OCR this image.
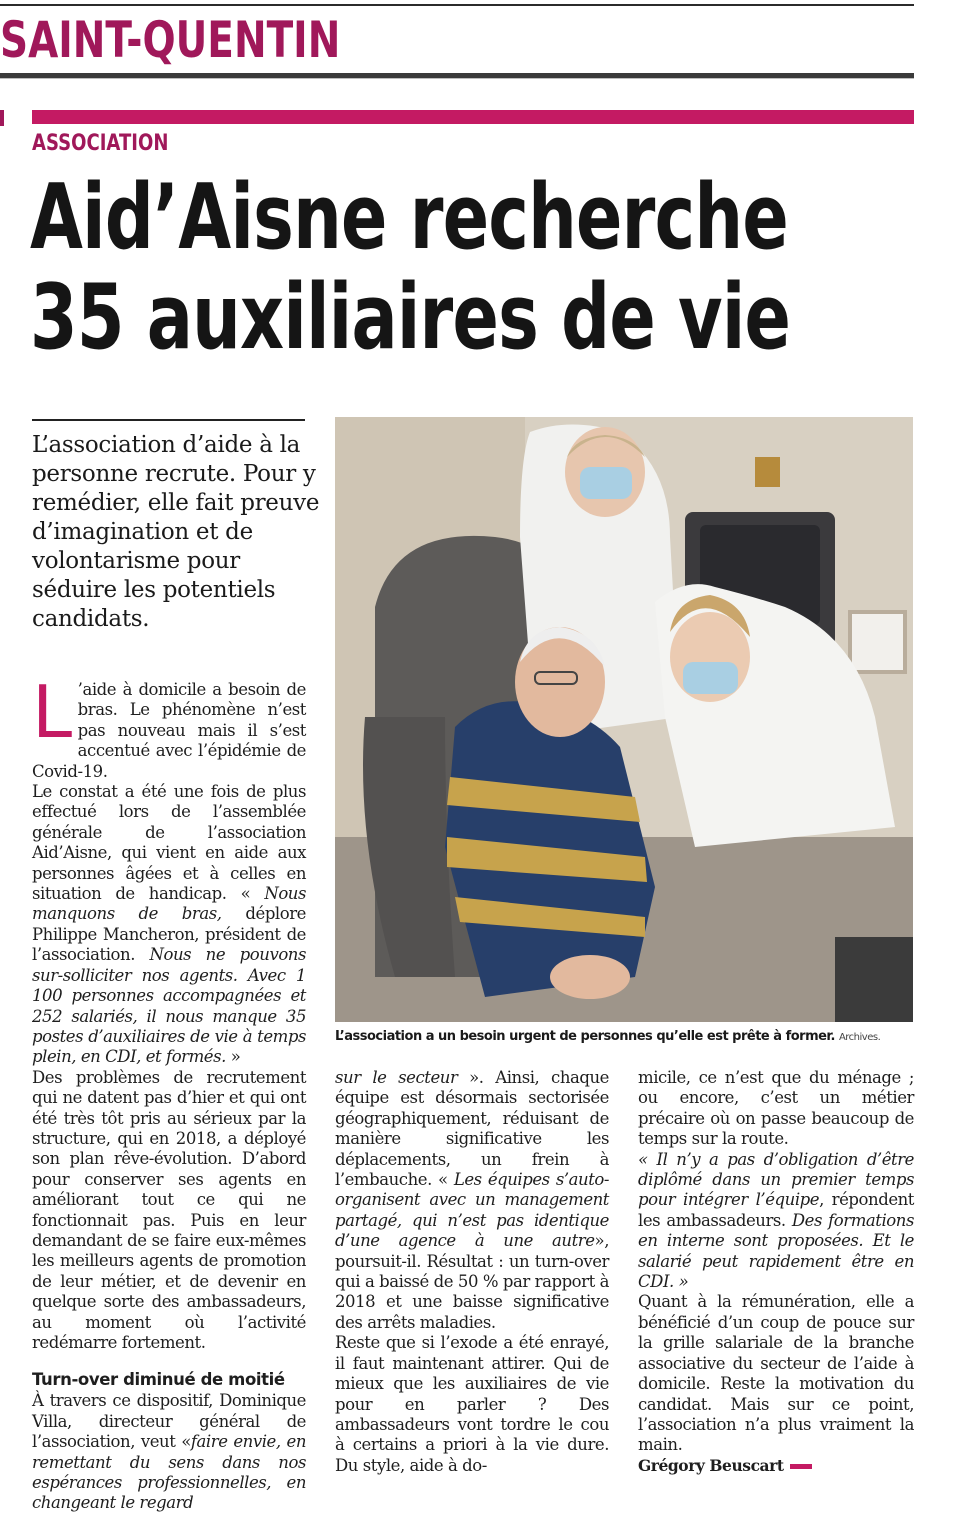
SAINT-QUENTIN
ASSOCIATION
Aid’Aisne recherche
35 auxiliaires de vie
L’association d’aide à la personne recrute. Pour y remédier, elle fait preuve d’imagination et de volontarisme pour séduire les potentiels candidats.

L ’aide à domicile a besoin de bras. Le phénomène n’est pas nouveau mais il s’est accentué avec l’épidémie de Covid-19.

Le constat a été une fois de plus effectué lors de l’assemblée générale de l’association Aid’Aisne, qui vient en aide aux personnes âgées et à celles en situation de handicap. « Nous manquons de bras, déplore Philippe Mancheron, président de l’association. Nous ne pouvons sur-solliciter nos agents. Avec 1 100 personnes accompagnées et 252 salariés, il nous manque 35 postes d’auxiliaires de vie à temps plein, en CDI, et formés. »

Des problèmes de recrutement qui ne datent pas d’hier et qui ont été très tôt pris au sérieux par la structure, qui en 2018, a déployé son plan rêve-évolution. D’abord pour conserver ses agents en améliorant tout ce qui ne fonctionnait pas. Puis en leur demandant de se faire eux-mêmes les meilleurs agents de promotion de leur métier, et de devenir en quelque sorte des ambassadeurs, au moment où l’activité redémarre fortement.

Turn-over diminué de moitié

À travers ce dispositif, Dominique Villa, directeur général de l’association, veut «faire envie, en remettant du sens dans nos espérances professionnelles, en changeant le regard

L’association a un besoin urgent de personnes qu’elle est prête à former. Archives.

sur le secteur ». Ainsi, chaque équipe est désormais sectorisée géographiquement, réduisant de manière significative les déplacements, un frein à l’embauche. « Les équipes s’auto-organisent avec un management partagé, qui n’est pas identique d’une agence à une autre», poursuit-il. Résultat : un turn-over qui a baissé de 50 % par rapport à 2018 et une baisse significative des arrêts maladies.

Reste que si l’exode a été enrayé, il faut maintenant attirer. Qui de mieux que les auxiliaires de vie pour en parler ? Des ambassadeurs vont tordre le cou à certains a priori à la vie dure. Du style, aide à do-

micile, ce n’est que du ménage ; ou encore, c’est un métier précaire où on passe beaucoup de temps sur la route.

« Il n’y a pas d’obligation d’être diplômé dans un premier temps pour intégrer l’équipe, répondent les ambassadeurs. Des formations en interne sont proposées. Et le salarié peut rapidement être en CDI. »

Quant à la rémunération, elle a bénéficié d’un coup de pouce sur la grille salariale de la branche associative du secteur de l’aide à domicile. Reste la motivation du candidat. Mais sur ce point, l’association n’a plus vraiment la main.

Grégory Beuscart
